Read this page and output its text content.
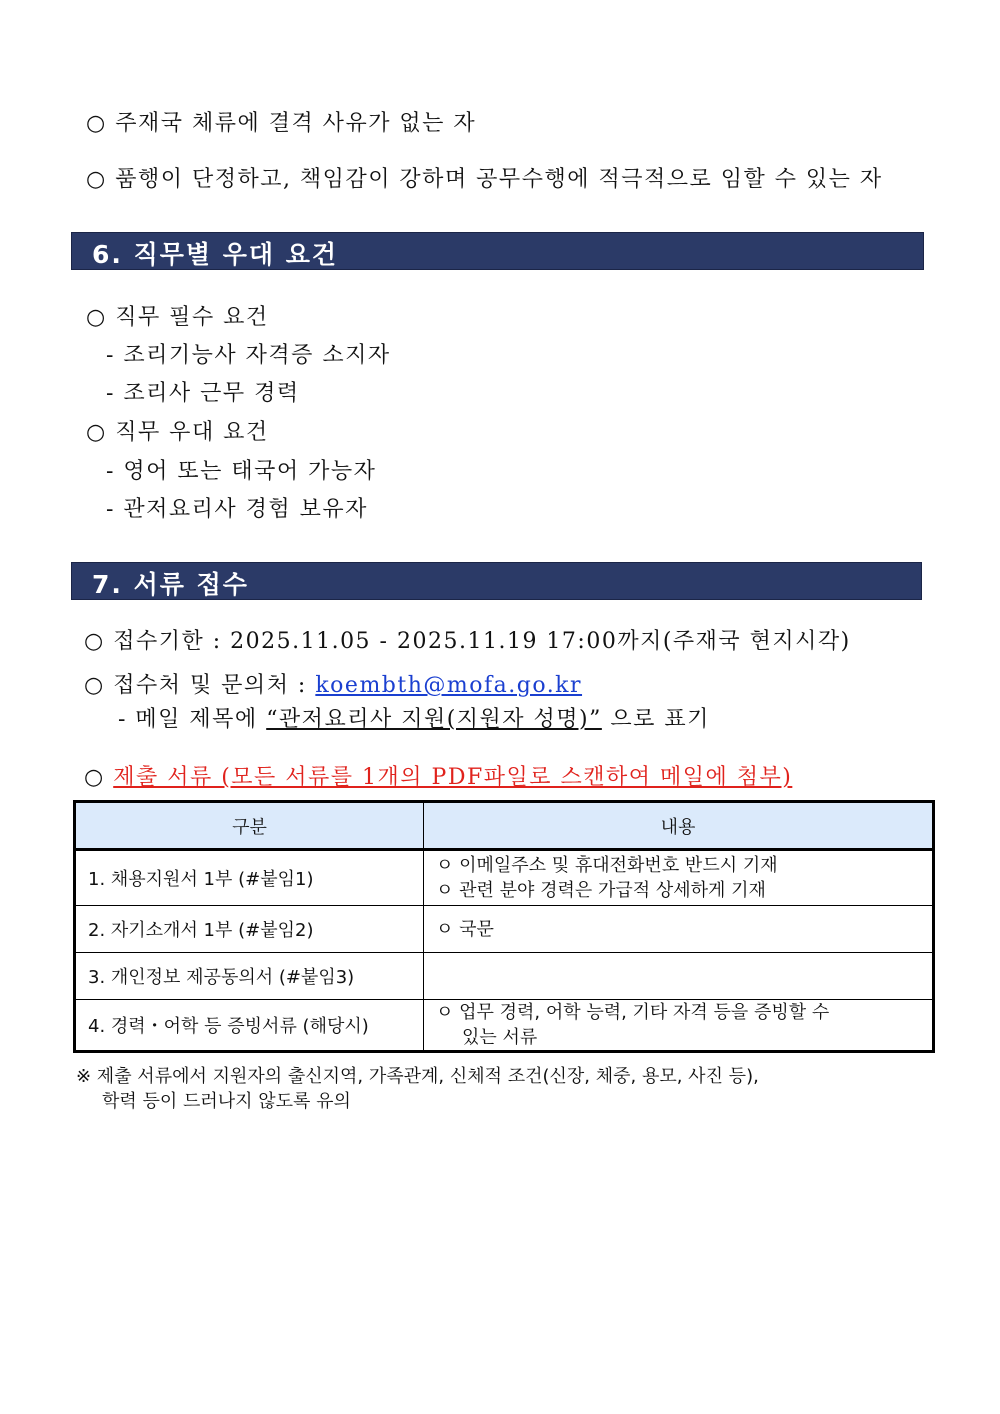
○ 주재국 체류에 결격 사유가 없는 자
○ 품행이 단정하고, 책임감이 강하며 공무수행에 적극적으로 임할 수 있는 자
6. 직무별 우대 요건
○ 직무 필수 요건
- 조리기능사 자격증 소지자
- 조리사 근무 경력
○ 직무 우대 요건
- 영어 또는 태국어 가능자
- 관저요리사 경험 보유자
7. 서류 접수
○ 접수기한 : 2025.11.05 - 2025.11.19 17:00까지(주재국 현지시각)
○ 접수처 및 문의처 : koembth@mofa.go.kr
- 메일 제목에 “관저요리사 지원(지원자 성명)” 으로 표기
○ 제출 서류 (모든 서류를 1개의 PDF파일로 스캔하여 메일에 첨부)
구분	내용
1. 채용지원서 1부 (#붙임1)	ㅇ 이메일주소 및 휴대전화번호 반드시 기재
ㅇ 관련 분야 경력은 가급적 상세하게 기재

2. 자기소개서 1부 (#붙임2)	ㅇ 국문

3. 개인정보 제공동의서 (#붙임3)	
4. 경력・어학 등 증빙서류 (해당시)	ㅇ 업무 경력, 어학 능력, 기타 자격 등을 증빙할 수
있는 서류
※ 제출 서류에서 지원자의 출신지역, 가족관계, 신체적 조건(신장, 체중, 용모, 사진 등),
학력 등이 드러나지 않도록 유의
